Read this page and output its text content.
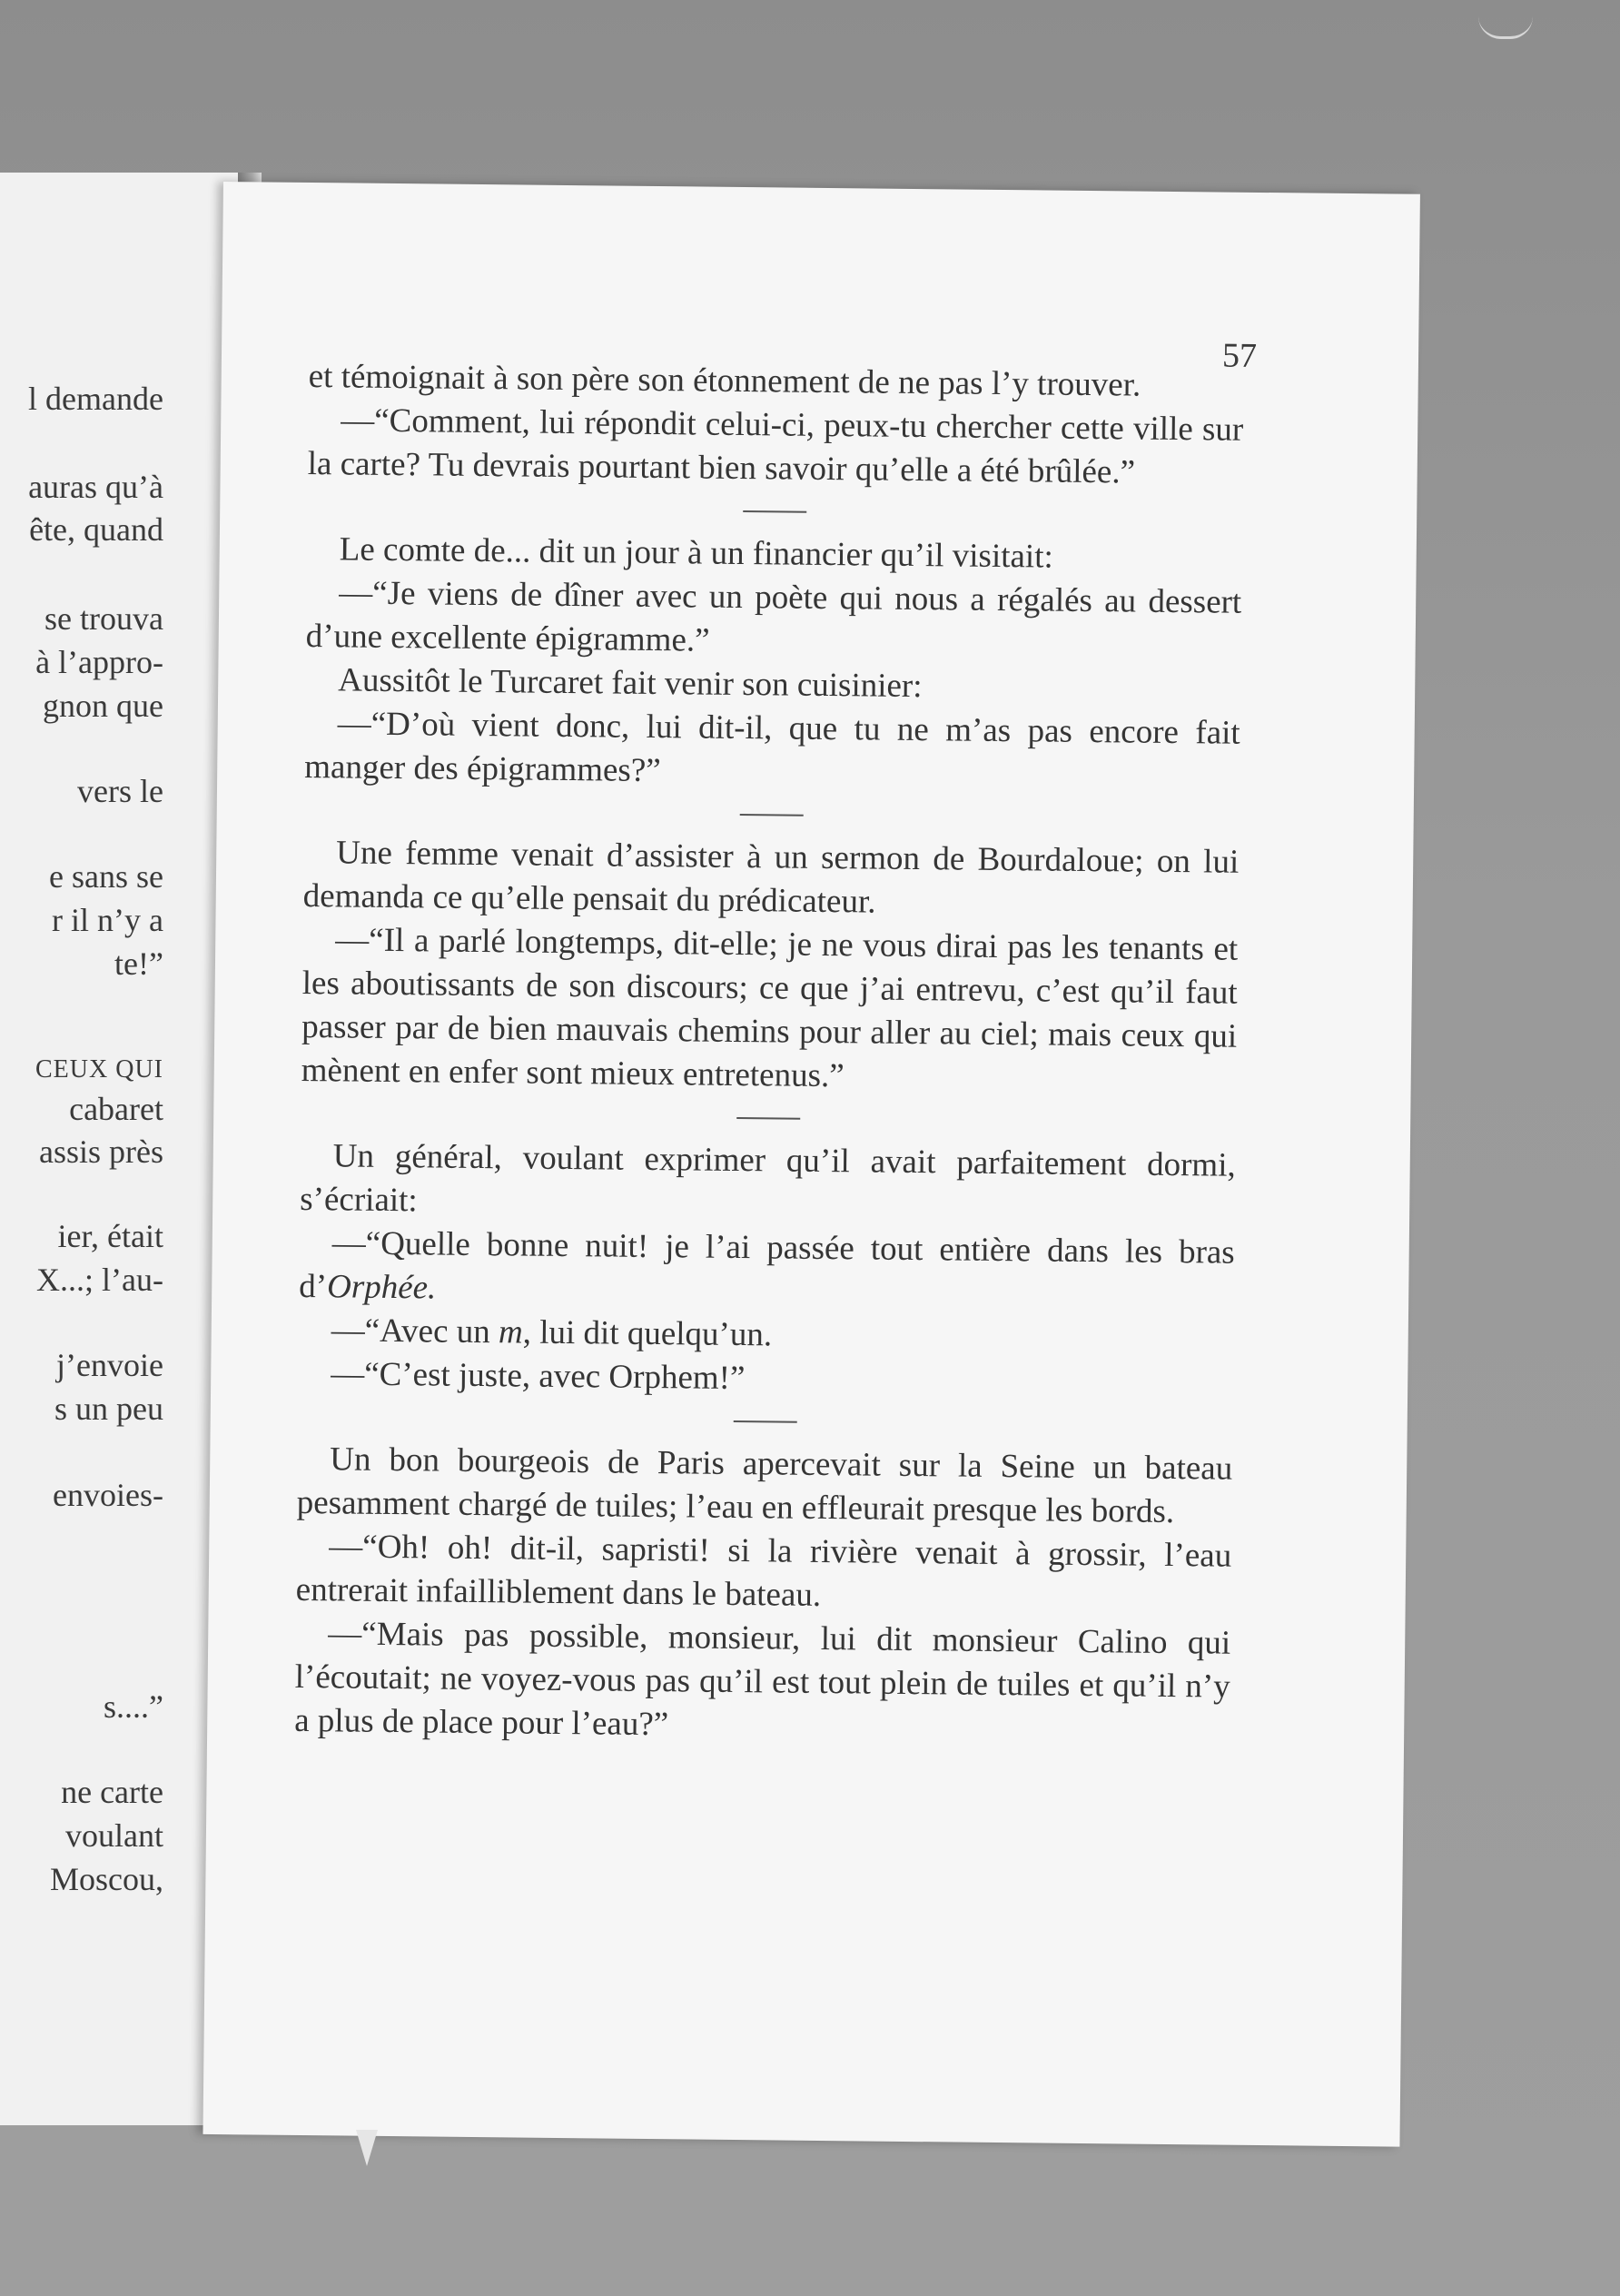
l demande
auras qu’à
ête, quand
se trouva
à l’appro-
gnon que
vers le
e sans se
r il n’y a
te!”
CEUX QUI
cabaret
assis près
ier, était
X...; l’au-
j’envoie
s un peu
envoies-
s....”
ne carte
voulant
Moscou,
57

et témoignait à son père son étonnement de ne pas l’y trouver.

—“Comment, lui répondit celui-ci, peux-tu chercher cette ville sur la carte? Tu devrais pourtant bien savoir qu’elle a été brûlée.”

Le comte de... dit un jour à un financier qu’il visitait:

—“Je viens de dîner avec un poète qui nous a régalés au dessert d’une excellente épigramme.”

Aussitôt le Turcaret fait venir son cuisinier:

—“D’où vient donc, lui dit-il, que tu ne m’as pas encore fait manger des épigrammes?”

Une femme venait d’assister à un sermon de Bourdaloue; on lui demanda ce qu’elle pensait du prédicateur.

—“Il a parlé longtemps, dit-elle; je ne vous dirai pas les tenants et les aboutissants de son discours; ce que j’ai entrevu, c’est qu’il faut passer par de bien mauvais chemins pour aller au ciel; mais ceux qui mènent en enfer sont mieux entretenus.”

Un général, voulant exprimer qu’il avait parfaitement dormi, s’écriait:

—“Quelle bonne nuit! je l’ai passée tout entière dans les bras d’Orphée.

—“Avec un m, lui dit quelqu’un.

—“C’est juste, avec Orphem!”

Un bon bourgeois de Paris apercevait sur la Seine un bateau pesamment chargé de tuiles; l’eau en effleurait presque les bords.

—“Oh! oh! dit-il, sapristi! si la rivière venait à grossir, l’eau entrerait infailliblement dans le bateau.

—“Mais pas possible, monsieur, lui dit monsieur Calino qui l’écoutait; ne voyez-vous pas qu’il est tout plein de tuiles et qu’il n’y a plus de place pour l’eau?”
